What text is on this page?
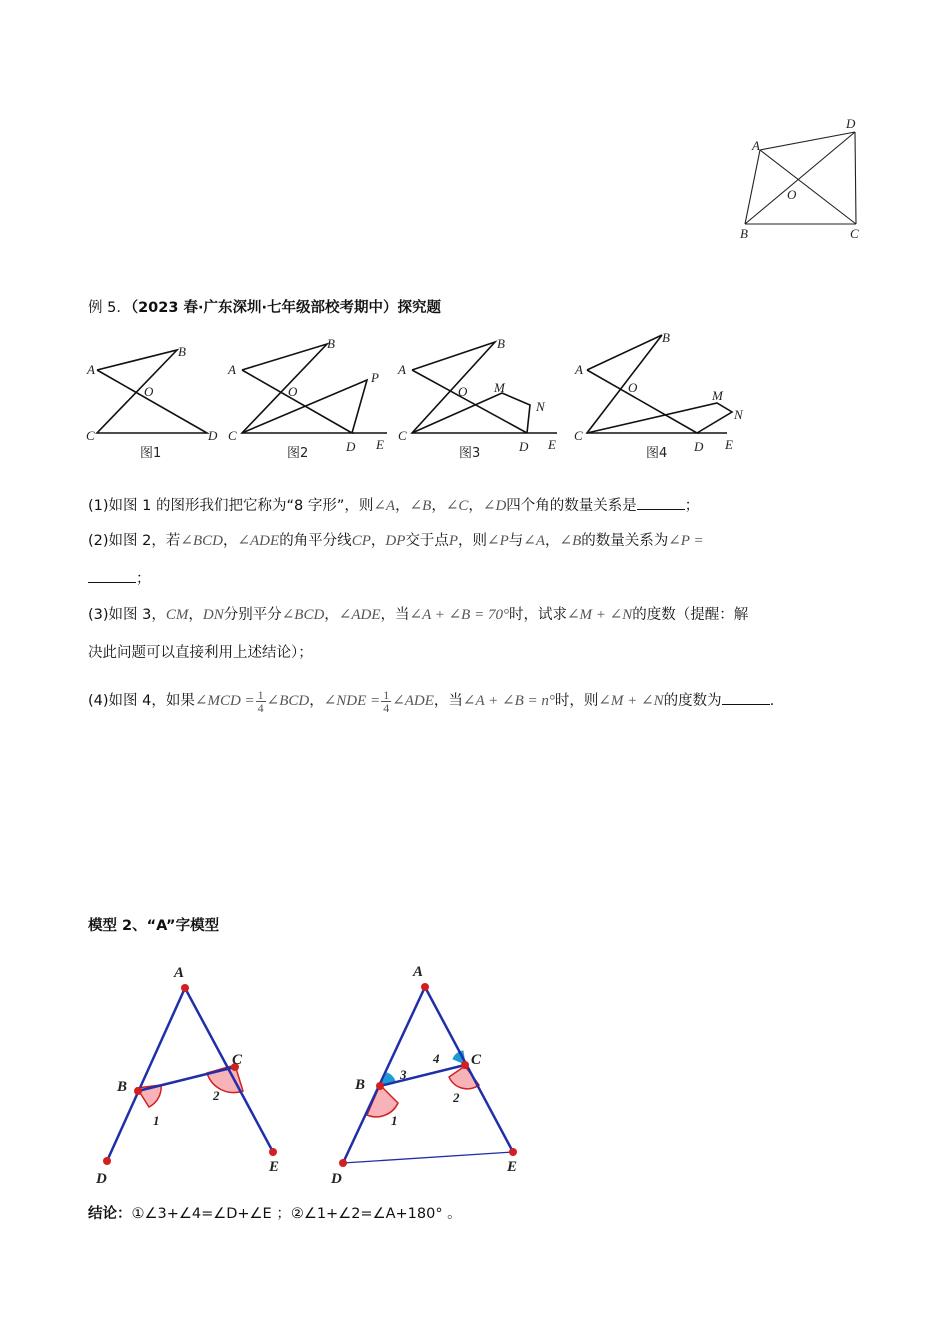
A
D
O
B	C
例 5．（2023 春·广东深圳·七年级部校考期中）探究题
A
B
O
C	D
图1
A
B
O
P
C
D E
图2
A
B
O M
N
C
D E
图3
A
B
O
M
N
C
D E
图4
(1)如图 1 的图形我们把它称为“8 字形”，则∠A，∠B，∠C，∠D四个角的数量关系是	；
(2)如图 2，若∠BCD，∠ADE的角平分线CP，DP交于点P，则∠P与∠A，∠B的数量关系为∠P =
；
(3)如图 3，CM，DN分别平分∠BCD，∠ADE，当∠A + ∠B = 70°时，试求∠M + ∠N的度数（提醒：解
决此问题可以直接利用上述结论）；
(4)如图 4，如果∠MCD = $\frac{1}{4}$ ∠BCD，∠NDE = $\frac{1}{4}$ ∠ADE，当∠A + ∠B = n°时，则∠M + ∠N的度数为	.
模型 2、“A”字模型
A
B
C
D
E
1
2
A
B
C
D
E
1
2
3
4
结论：①∠3+∠4=∠D+∠E ；②∠1+∠2=∠A+180° 。
